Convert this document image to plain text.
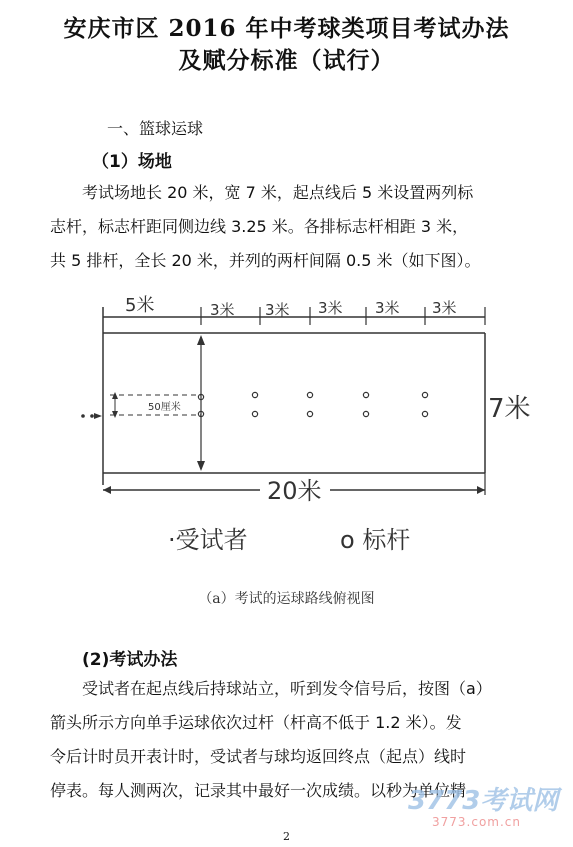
安庆市区 2016 年中考球类项目考试办法
及赋分标准（试行）
一、篮球运球
（1）场地
考试场地长 20 米，宽 7 米，起点线后 5 米设置两列标
志杆，标志杆距同侧边线 3.25 米。各排标志杆相距 3 米，
共 5 排杆，全长 20 米，并列的两杆间隔 0.5 米（如下图）。
5米	3米 3米 3米 3米 3米
7米
50厘米
20米
·受试者	o 标杆
（a）考试的运球路线俯视图
(2)考试办法
受试者在起点线后持球站立，听到发令信号后，按图（a）
箭头所示方向单手运球依次过杆（杆高不低于 1.2 米）。发
令后计时员开表计时，受试者与球均返回终点（起点）线时
停表。每人测两次，记录其中最好一次成绩。以秒为单位精
3773考试网
3773.com.cn
2
